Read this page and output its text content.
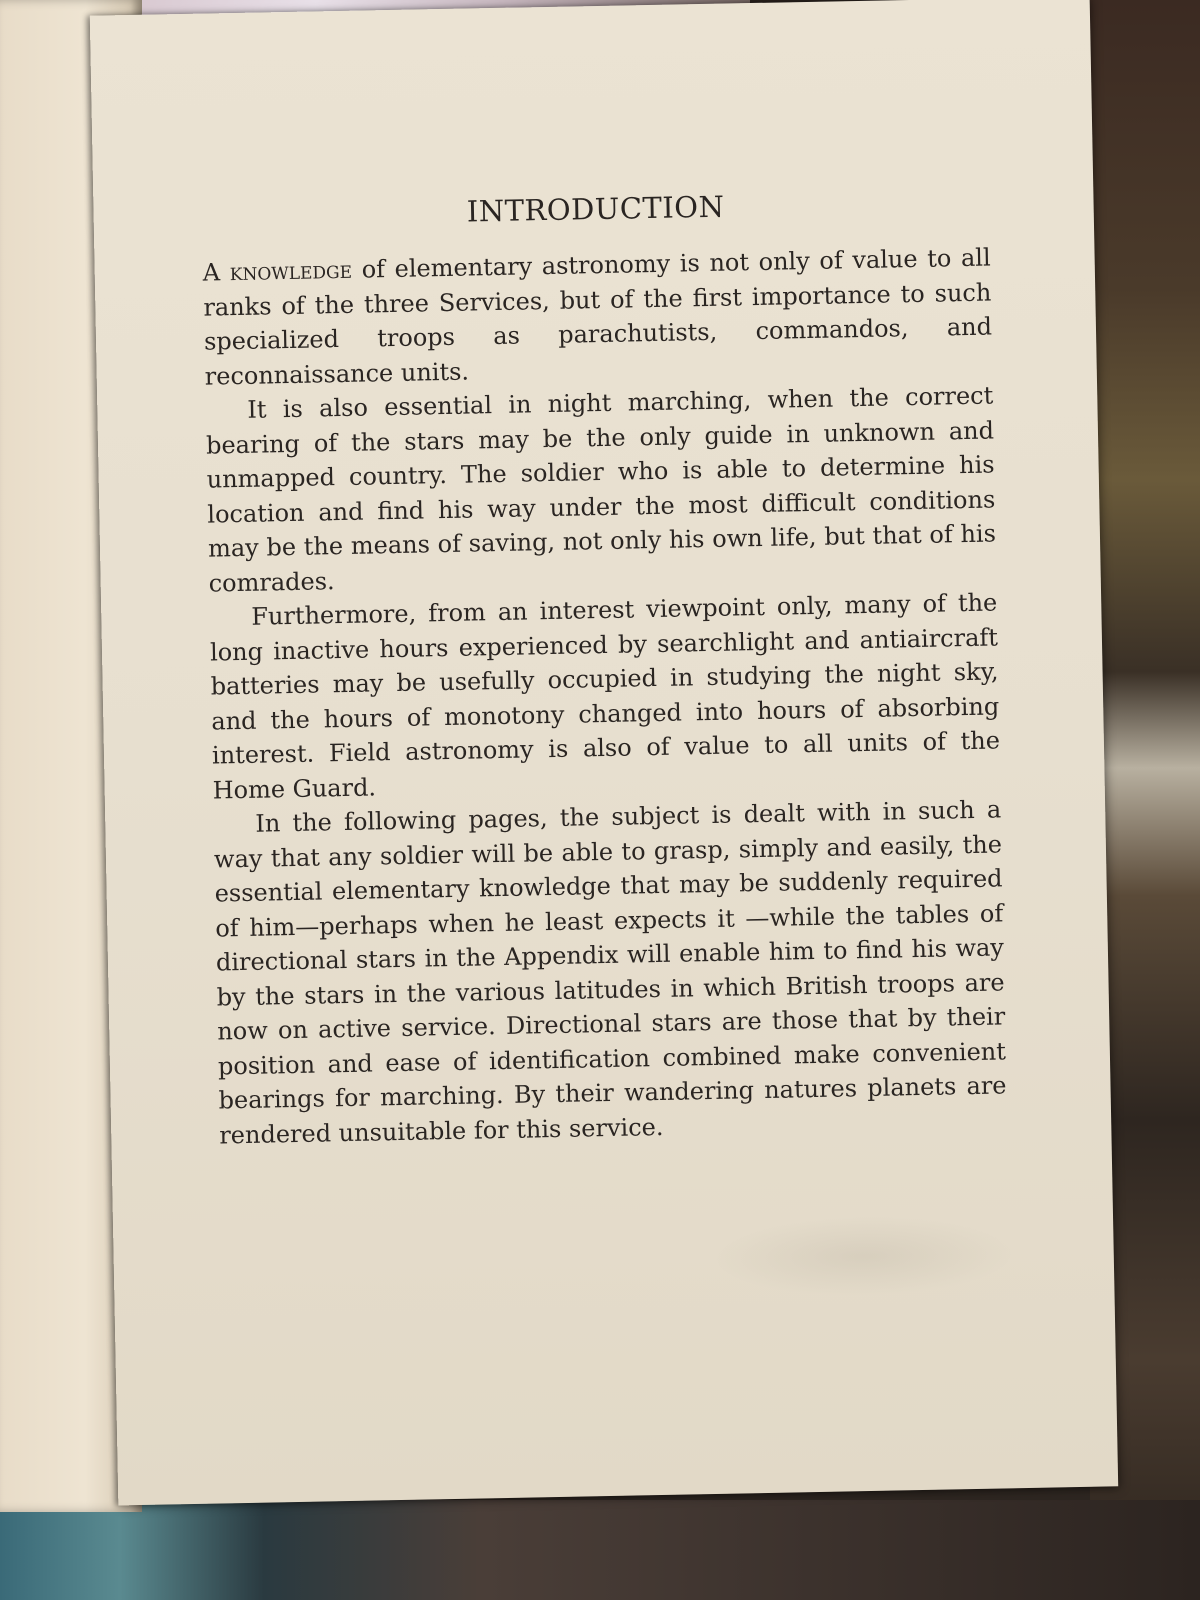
INTRODUCTION

A knowledge of elementary astronomy is not only of value to all ranks of the three Services, but of the first importance to such specialized troops as parachutists, commandos, and reconnaissance units.

It is also essential in night marching, when the correct bearing of the stars may be the only guide in unknown and unmapped country. The soldier who is able to determine his location and find his way under the most difficult conditions may be the means of saving, not only his own life, but that of his comrades.

Furthermore, from an interest viewpoint only, many of the long inactive hours experienced by searchlight and antiaircraft batteries may be usefully occupied in studying the night sky, and the hours of monotony changed into hours of absorbing interest. Field astronomy is also of value to all units of the Home Guard.

In the following pages, the subject is dealt with in such a way that any soldier will be able to grasp, simply and easily, the essential elementary knowledge that may be suddenly required of him—perhaps when he least expects it —while the tables of directional stars in the Appendix will enable him to find his way by the stars in the various latitudes in which British troops are now on active service. Directional stars are those that by their position and ease of identification combined make convenient bearings for marching. By their wandering natures planets are rendered unsuitable for this service.
